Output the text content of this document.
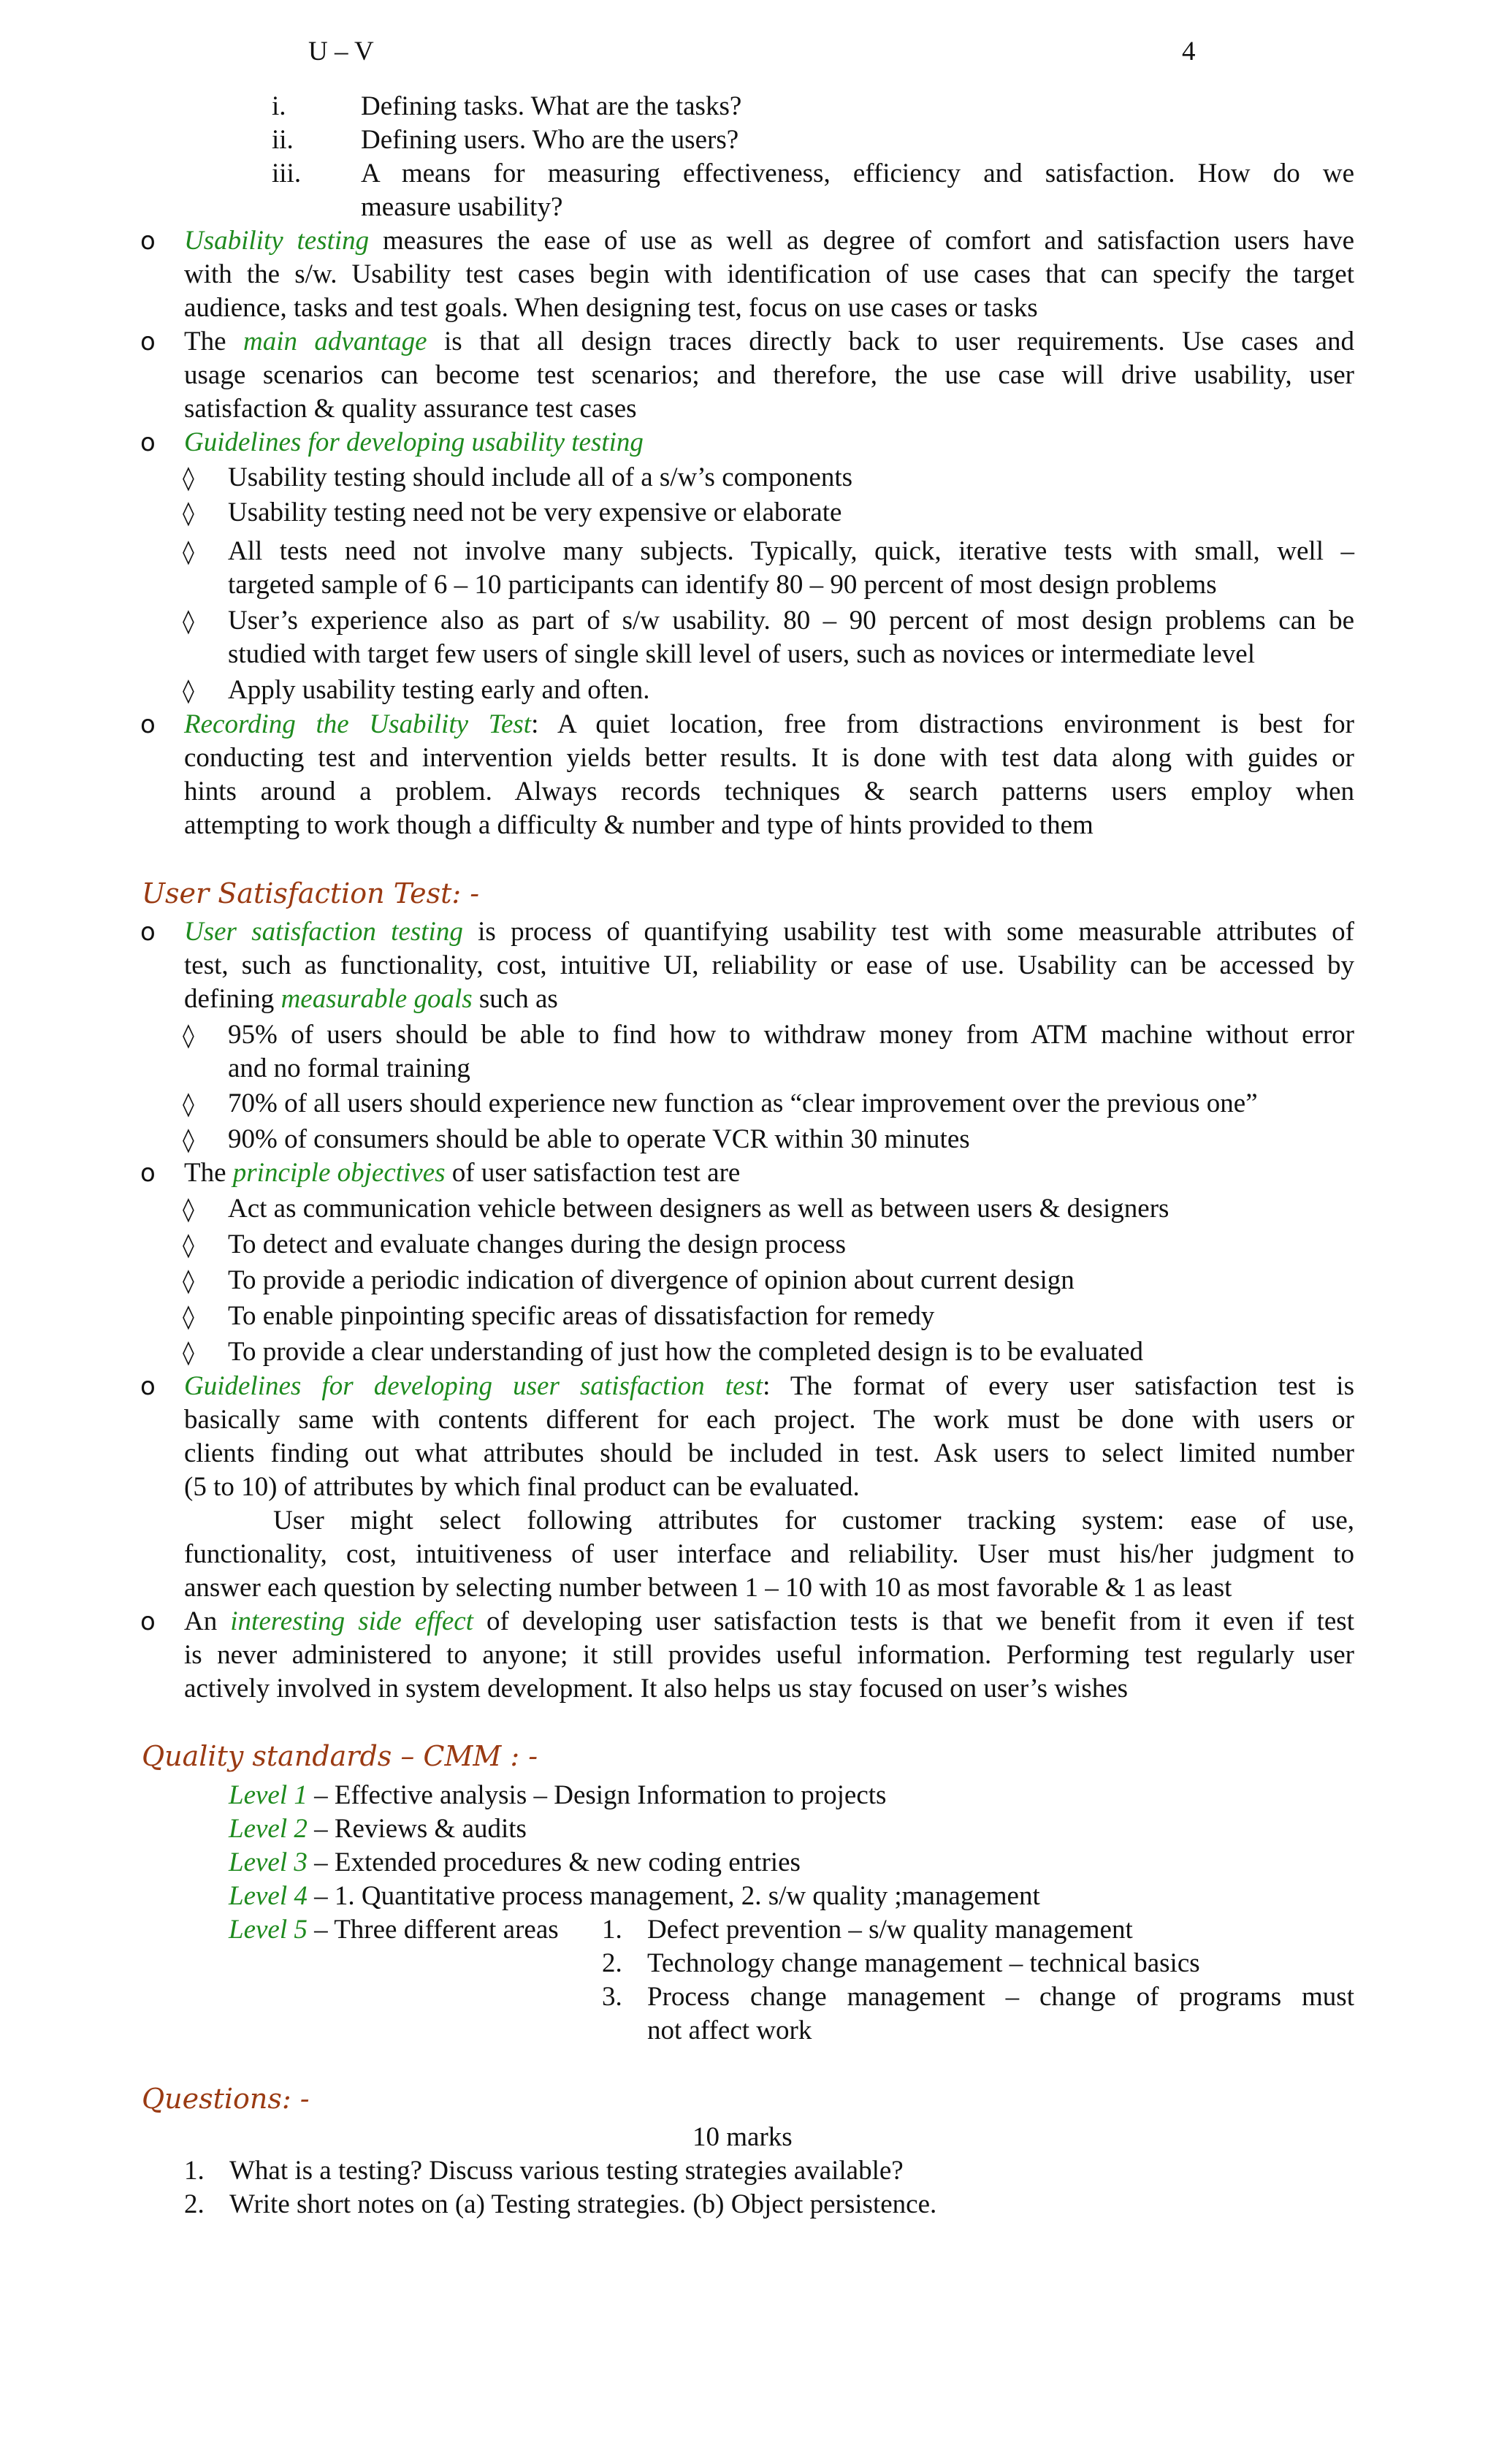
U – V	4
i.	Defining tasks. What are the tasks?
ii. Defining users. Who are the users?
iii. A means for measuring effectiveness, efficiency and satisfaction. How do we
measure usability?
o Usability testing measures the ease of use as well as degree of comfort and satisfaction users have
with the s/w. Usability test cases begin with identification of use cases that can specify the target
audience, tasks and test goals. When designing test, focus on use cases or tasks
o The main advantage is that all design traces directly back to user requirements. Use cases and
usage scenarios can become test scenarios; and therefore, the use case will drive usability, user
satisfaction & quality assurance test cases
o Guidelines for developing usability testing
◊ Usability testing should include all of a s/w’s components
◊ Usability testing need not be very expensive or elaborate
◊ All tests need not involve many subjects. Typically, quick, iterative tests with small, well –
targeted sample of 6 – 10 participants can identify 80 – 90 percent of most design problems
◊ User’s experience also as part of s/w usability. 80 – 90 percent of most design problems can be
studied with target few users of single skill level of users, such as novices or intermediate level
◊ Apply usability testing early and often.
o Recording the Usability Test: A quiet location, free from distractions environment is best for
conducting test and intervention yields better results. It is done with test data along with guides or
hints around a problem. Always records techniques & search patterns users employ when
attempting to work though a difficulty & number and type of hints provided to them
User Satisfaction Test: -
o User satisfaction testing is process of quantifying usability test with some measurable attributes of
test, such as functionality, cost, intuitive UI, reliability or ease of use. Usability can be accessed by
defining measurable goals such as
◊ 95% of users should be able to find how to withdraw money from ATM machine without error
and no formal training
◊ 70% of all users should experience new function as “clear improvement over the previous one”
◊ 90% of consumers should be able to operate VCR within 30 minutes
o The principle objectives of user satisfaction test are
◊ Act as communication vehicle between designers as well as between users & designers
◊ To detect and evaluate changes during the design process
◊ To provide a periodic indication of divergence of opinion about current design
◊ To enable pinpointing specific areas of dissatisfaction for remedy
◊ To provide a clear understanding of just how the completed design is to be evaluated
o Guidelines for developing user satisfaction test: The format of every user satisfaction test is
basically same with contents different for each project. The work must be done with users or
clients finding out what attributes should be included in test. Ask users to select limited number
(5 to 10) of attributes by which final product can be evaluated.
User might select following attributes for customer tracking system: ease of use,
functionality, cost, intuitiveness of user interface and reliability. User must his/her judgment to
answer each question by selecting number between 1 – 10 with 10 as most favorable & 1 as least
o An interesting side effect of developing user satisfaction tests is that we benefit from it even if test
is never administered to anyone; it still provides useful information. Performing test regularly user
actively involved in system development. It also helps us stay focused on user’s wishes
Quality standards – CMM : -
Level 1 – Effective analysis – Design Information to projects
Level 2 – Reviews & audits
Level 3 – Extended procedures & new coding entries
Level 4 – 1. Quantitative process management, 2. s/w quality ;management
Level 5 – Three different areas 1. Defect prevention – s/w quality management
2. Technology change management – technical basics
3. Process change management – change of programs must
not affect work
Questions: -
10 marks
1. What is a testing? Discuss various testing strategies available?
2. Write short notes on (a) Testing strategies. (b) Object persistence.
